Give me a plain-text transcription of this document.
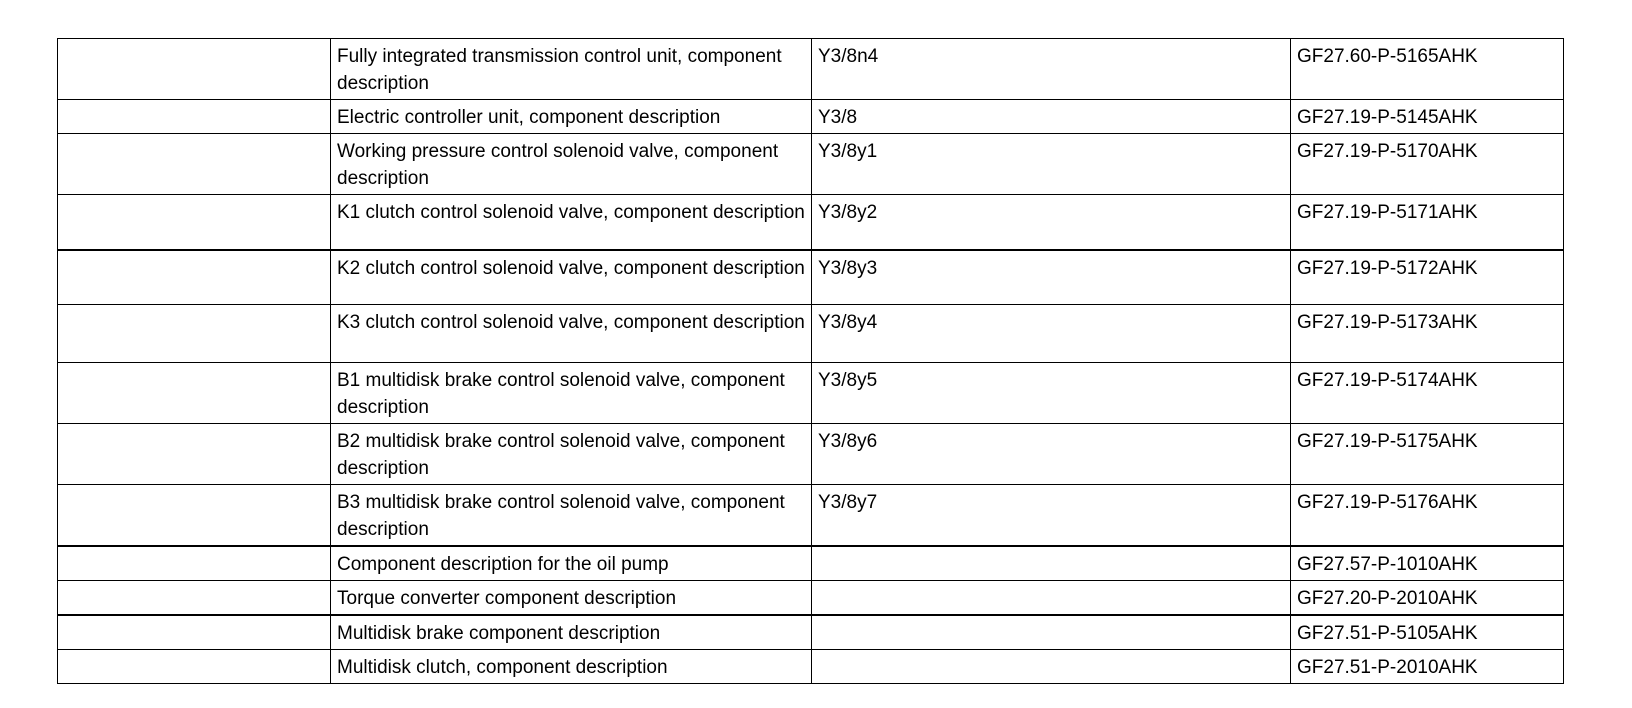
	Fully integrated transmission control unit, component description	Y3/8n4	GF27.60-P-5165AHK
	Electric controller unit, component description	Y3/8	GF27.19-P-5145AHK
	Working pressure control solenoid valve, component description	Y3/8y1	GF27.19-P-5170AHK
	K1 clutch control solenoid valve, component description	Y3/8y2	GF27.19-P-5171AHK
	K2 clutch control solenoid valve, component description	Y3/8y3	GF27.19-P-5172AHK
	K3 clutch control solenoid valve, component description	Y3/8y4	GF27.19-P-5173AHK
	B1 multidisk brake control solenoid valve, component description	Y3/8y5	GF27.19-P-5174AHK
	B2 multidisk brake control solenoid valve, component description	Y3/8y6	GF27.19-P-5175AHK
	B3 multidisk brake control solenoid valve, component description	Y3/8y7	GF27.19-P-5176AHK
	Component description for the oil pump		GF27.57-P-1010AHK
	Torque converter component description		GF27.20-P-2010AHK
	Multidisk brake component description		GF27.51-P-5105AHK
	Multidisk clutch, component description		GF27.51-P-2010AHK
